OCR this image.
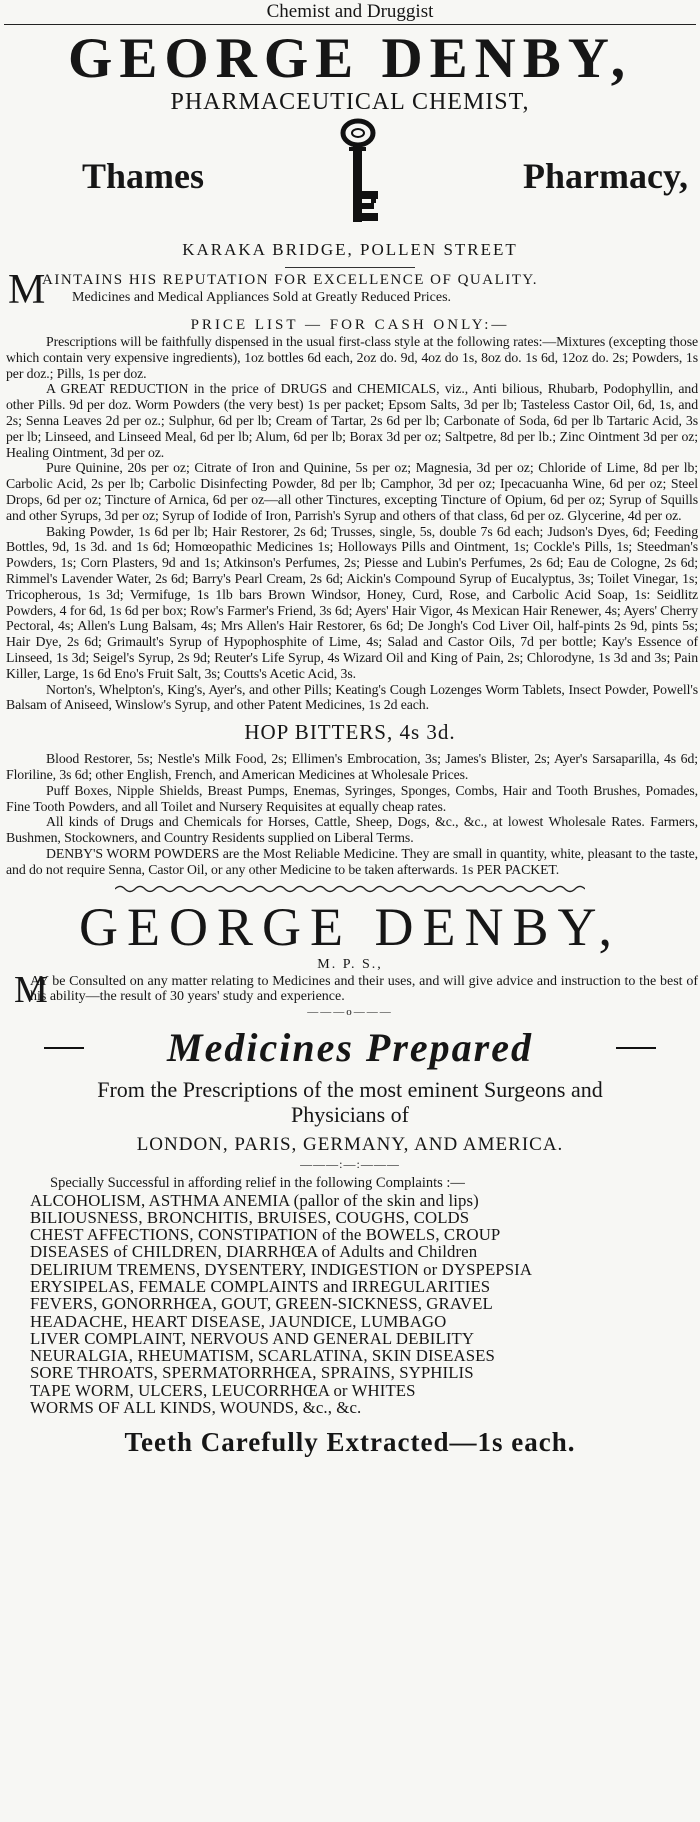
Chemist and Druggist
GEORGE DENBY,
PHARMACEUTICAL CHEMIST,
Thames	Pharmacy,
KARAKA BRIDGE, POLLEN STREET
M
AINTAINS HIS REPUTATION FOR EXCELLENCE OF QUALITY.
Medicines and Medical Appliances Sold at Greatly Reduced Prices.
PRICE LIST — FOR CASH ONLY:—

Prescriptions will be faithfully dispensed in the usual first-class style at the following rates:—Mixtures (excepting those which contain very expensive ingredients), 1oz bottles 6d each, 2oz do. 9d, 4oz do 1s, 8oz do. 1s 6d, 12oz do. 2s; Powders, 1s per doz.; Pills, 1s per doz.

A GREAT REDUCTION in the price of DRUGS and CHEMICALS, viz., Anti bilious, Rhubarb, Podophyllin, and other Pills. 9d per doz. Worm Powders (the very best) 1s per packet; Epsom Salts, 3d per lb; Tasteless Castor Oil, 6d, 1s, and 2s; Senna Leaves 2d per oz.; Sulphur, 6d per lb; Cream of Tartar, 2s 6d per lb; Carbonate of Soda, 6d per lb Tartaric Acid, 3s per lb; Linseed, and Linseed Meal, 6d per lb; Alum, 6d per lb; Borax 3d per oz; Saltpetre, 8d per lb.; Zinc Ointment 3d per oz; Healing Ointment, 3d per oz.

Pure Quinine, 20s per oz; Citrate of Iron and Quinine, 5s per oz; Magnesia, 3d per oz; Chloride of Lime, 8d per lb; Carbolic Acid, 2s per lb; Carbolic Disinfecting Powder, 8d per lb; Camphor, 3d per oz; Ipecacuanha Wine, 6d per oz; Steel Drops, 6d per oz; Tincture of Arnica, 6d per oz—all other Tinctures, excepting Tincture of Opium, 6d per oz; Syrup of Squills and other Syrups, 3d per oz; Syrup of Iodide of Iron, Parrish's Syrup and others of that class, 6d per oz. Glycerine, 4d per oz.

Baking Powder, 1s 6d per lb; Hair Restorer, 2s 6d; Trusses, single, 5s, double 7s 6d each; Judson's Dyes, 6d; Feeding Bottles, 9d, 1s 3d. and 1s 6d; Homœopathic Medicines 1s; Holloways Pills and Ointment, 1s; Cockle's Pills, 1s; Steedman's Powders, 1s; Corn Plasters, 9d and 1s; Atkinson's Perfumes, 2s; Piesse and Lubin's Perfumes, 2s 6d; Eau de Cologne, 2s 6d; Rimmel's Lavender Water, 2s 6d; Barry's Pearl Cream, 2s 6d; Aickin's Compound Syrup of Eucalyptus, 3s; Toilet Vinegar, 1s; Tricopherous, 1s 3d; Vermifuge, 1s 1lb bars Brown Windsor, Honey, Curd, Rose, and Carbolic Acid Soap, 1s: Seidlitz Powders, 4 for 6d, 1s 6d per box; Row's Farmer's Friend, 3s 6d; Ayers' Hair Vigor, 4s Mexican Hair Renewer, 4s; Ayers' Cherry Pectoral, 4s; Allen's Lung Balsam, 4s; Mrs Allen's Hair Restorer, 6s 6d; De Jongh's Cod Liver Oil, half-pints 2s 9d, pints 5s; Hair Dye, 2s 6d; Grimault's Syrup of Hypophosphite of Lime, 4s; Salad and Castor Oils, 7d per bottle; Kay's Essence of Linseed, 1s 3d; Seigel's Syrup, 2s 9d; Reuter's Life Syrup, 4s Wizard Oil and King of Pain, 2s; Chlorodyne, 1s 3d and 3s; Pain Killer, Large, 1s 6d Eno's Fruit Salt, 3s; Coutts's Acetic Acid, 3s.

Norton's, Whelpton's, King's, Ayer's, and other Pills; Keating's Cough Lozenges Worm Tablets, Insect Powder, Powell's Balsam of Aniseed, Winslow's Syrup, and other Patent Medicines, 1s 2d each.

HOP BITTERS, 4s 3d.

Blood Restorer, 5s; Nestle's Milk Food, 2s; Ellimen's Embrocation, 3s; James's Blister, 2s; Ayer's Sarsaparilla, 4s 6d; Floriline, 3s 6d; other English, French, and American Medicines at Wholesale Prices.

Puff Boxes, Nipple Shields, Breast Pumps, Enemas, Syringes, Sponges, Combs, Hair and Tooth Brushes, Pomades, Fine Tooth Powders, and all Toilet and Nursery Requisites at equally cheap rates.

All kinds of Drugs and Chemicals for Horses, Cattle, Sheep, Dogs, &c., &c., at lowest Wholesale Rates. Farmers, Bushmen, Stockowners, and Country Residents supplied on Liberal Terms.

DENBY'S WORM POWDERS are the Most Reliable Medicine. They are small in quantity, white, pleasant to the taste, and do not require Senna, Castor Oil, or any other Medicine to be taken afterwards. 1s PER PACKET.

GEORGE DENBY,
M. P. S.,
M
AY be Consulted on any matter relating to Medicines and their uses, and will give advice and instruction to the best of his ability—the result of 30 years' study and experience.
———o———
Medicines Prepared
From the Prescriptions of the most eminent Surgeons and
Physicians of
LONDON, PARIS, GERMANY, AND AMERICA.
———:—:———
Specially Successful in affording relief in the following Complaints :—
ALCOHOLISM, ASTHMA ANEMIA (pallor of the skin and lips)
BILIOUSNESS, BRONCHITIS, BRUISES, COUGHS, COLDS
CHEST AFFECTIONS, CONSTIPATION of the BOWELS, CROUP
DISEASES of CHILDREN, DIARRHŒA of Adults and Children
DELIRIUM TREMENS, DYSENTERY, INDIGESTION or DYSPEPSIA
ERYSIPELAS, FEMALE COMPLAINTS and IRREGULARITIES
FEVERS, GONORRHŒA, GOUT, GREEN-SICKNESS, GRAVEL
HEADACHE, HEART DISEASE, JAUNDICE, LUMBAGO
LIVER COMPLAINT, NERVOUS AND GENERAL DEBILITY
NEURALGIA, RHEUMATISM, SCARLATINA, SKIN DISEASES
SORE THROATS, SPERMATORRHŒA, SPRAINS, SYPHILIS
TAPE WORM, ULCERS, LEUCORRHŒA or WHITES
WORMS OF ALL KINDS, WOUNDS, &c., &c.
Teeth Carefully Extracted—1s each.
